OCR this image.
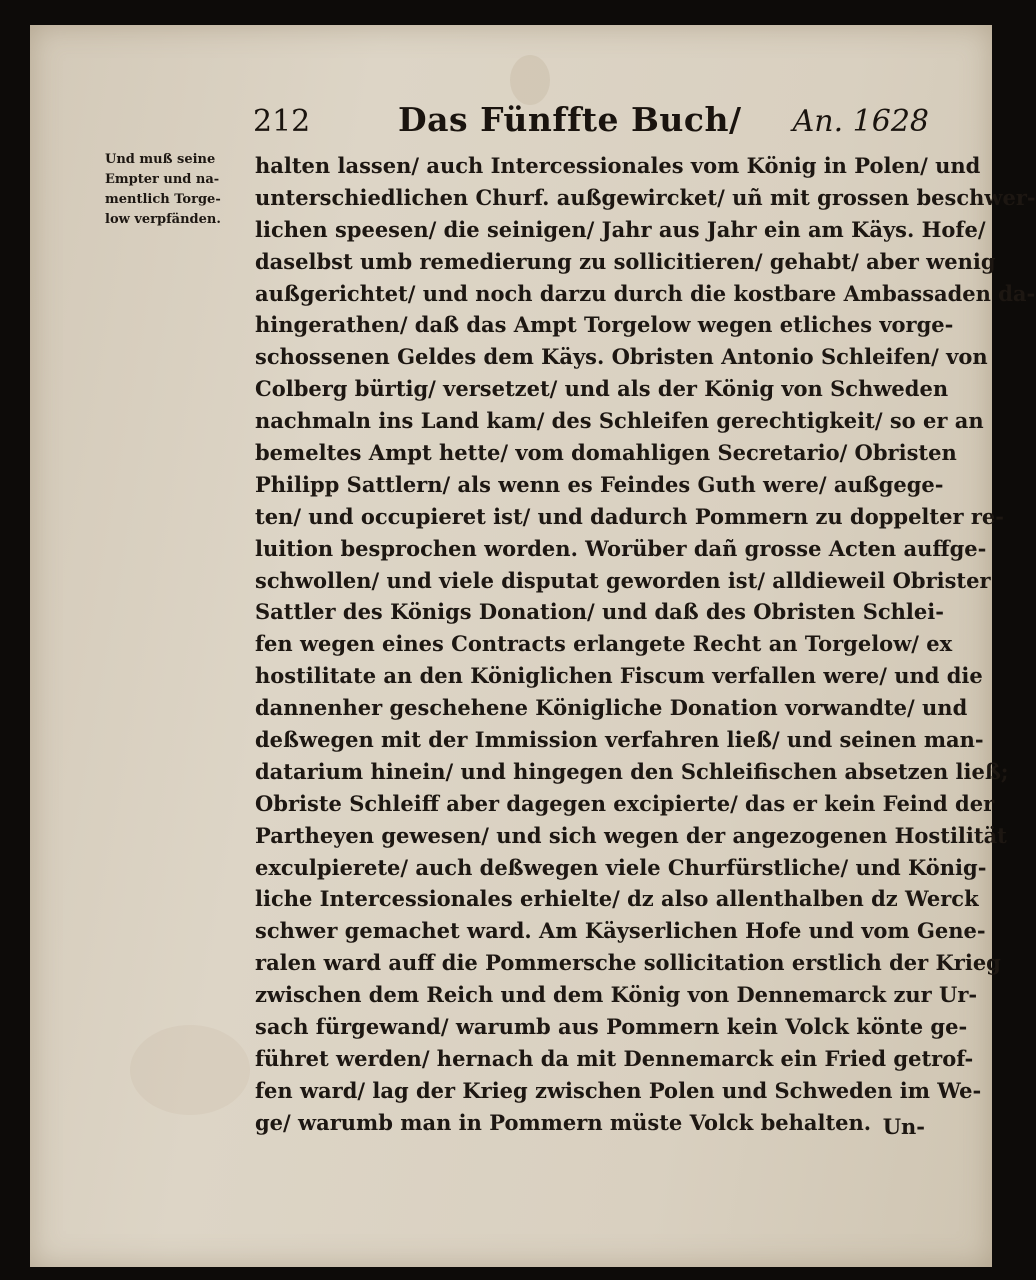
212	Das Fünffte Buch/ An. 1628
Und muß seine
Empter und na-
mentlich Torge-
low verpfänden.
halten lassen/ auch Intercessionales vom König in Polen/ und
unterschiedlichen Churf. außgewircket/ uñ mit grossen beschwer-
lichen speesen/ die seinigen/ Jahr aus Jahr ein am Käys. Hofe/
daselbst umb remedierung zu sollicitieren/ gehabt/ aber wenig
außgerichtet/ und noch darzu durch die kostbare Ambassaden da-
hingerathen/ daß das Ampt Torgelow wegen etliches vorge-
schossenen Geldes dem Käys. Obristen Antonio Schleifen/ von
Colberg bürtig/ versetzet/ und als der König von Schweden
nachmaln ins Land kam/ des Schleifen gerechtigkeit/ so er an
bemeltes Ampt hette/ vom domahligen Secretario/ Obristen
Philipp Sattlern/ als wenn es Feindes Guth were/ außgege-
ten/ und occupieret ist/ und dadurch Pommern zu doppelter re-
luition besprochen worden. Worüber dañ grosse Acten auffge-
schwollen/ und viele disputat geworden ist/ alldieweil Obrister
Sattler des Königs Donation/ und daß des Obristen Schlei-
fen wegen eines Contracts erlangete Recht an Torgelow/ ex
hostilitate an den Königlichen Fiscum verfallen were/ und die
dannenher geschehene Königliche Donation vorwandte/ und
deßwegen mit der Immission verfahren ließ/ und seinen man-
datarium hinein/ und hingegen den Schleifischen absetzen ließ;
Obriste Schleiff aber dagegen excipierte/ das er kein Feind der
Partheyen gewesen/ und sich wegen der angezogenen Hostilität
exculpierete/ auch deßwegen viele Churfürstliche/ und König-
liche Intercessionales erhielte/ dz also allenthalben dz Werck
schwer gemachet ward. Am Käyserlichen Hofe und vom Gene-
ralen ward auff die Pommersche sollicitation erstlich der Krieg
zwischen dem Reich und dem König von Dennemarck zur Ur-
sach fürgewand/ warumb aus Pommern kein Volck könte ge-
führet werden/ hernach da mit Dennemarck ein Fried getrof-
fen ward/ lag der Krieg zwischen Polen und Schweden im We-
ge/ warumb man in Pommern müste Volck behalten. Un-
